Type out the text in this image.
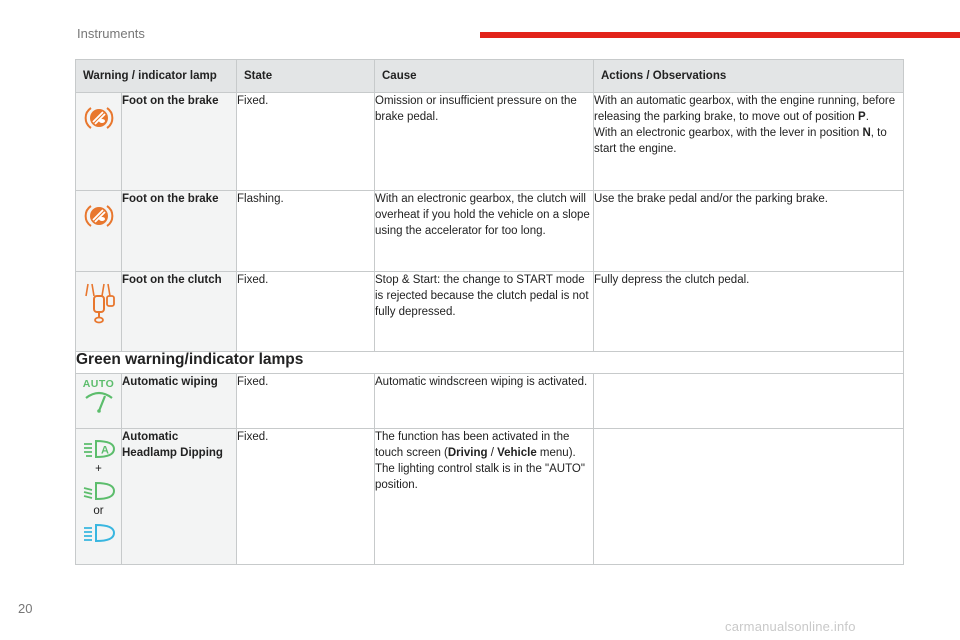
Instruments
Warning / indicator lamp		State	Cause	Actions / Observations

	Foot on the brake	Fixed.	Omission or insufficient pressure on the brake pedal.	With an automatic gearbox, with the engine running, before releasing the parking brake, to move out of position P.
With an electronic gearbox, with the lever in position N, to start the engine.

	Foot on the brake	Flashing.	With an electronic gearbox, the clutch will overheat if you hold the vehicle on a slope using the accelerator for too long.	Use the brake pedal and/or the parking brake.

	Foot on the clutch	Fixed.	Stop & Start: the change to START mode is rejected because the clutch pedal is not fully depressed.	Fully depress the clutch pedal.
Green warning/indicator lamps				

AUTO	Automatic wiping	Fixed.	Automatic windscreen wiping is activated.	

A
+
or	Automatic Headlamp Dipping	Fixed.	The function has been activated in the touch screen (Driving / Vehicle menu).
The lighting control stalk is in the "AUTO" position.	
20
carmanualsonline.info
